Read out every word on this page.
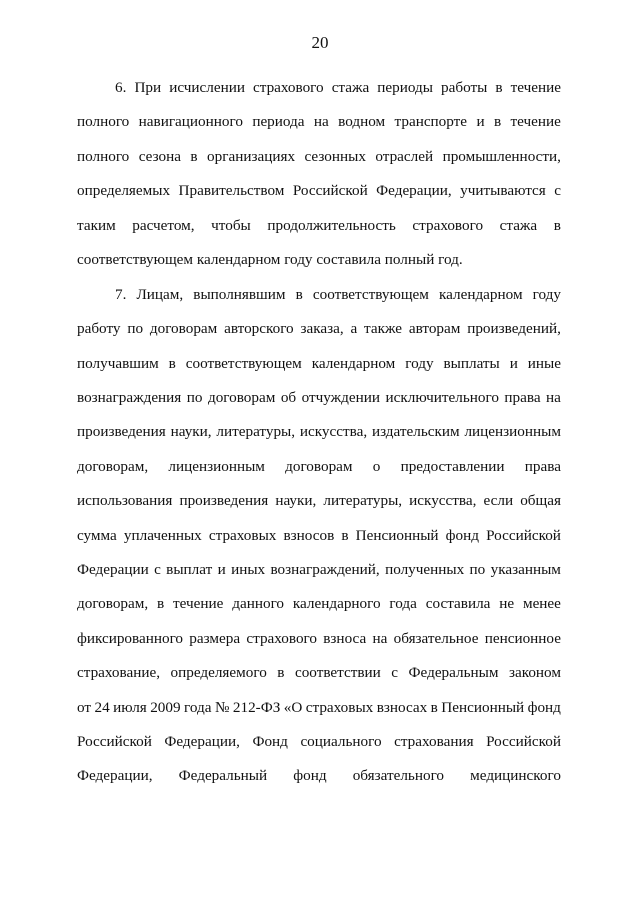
20
6. При исчислении страхового стажа периоды работы в течение
полного навигационного периода на водном транспорте и в течение
полного сезона в организациях сезонных отраслей промышленности,
определяемых Правительством Российской Федерации, учитываются с
таким расчетом, чтобы продолжительность страхового стажа в
соответствующем календарном году составила полный год.
7. Лицам, выполнявшим в соответствующем календарном году
работу по договорам авторского заказа, а также авторам произведений,
получавшим в соответствующем календарном году выплаты и иные
вознаграждения по договорам об отчуждении исключительного права на
произведения науки, литературы, искусства, издательским лицензионным
договорам, лицензионным договорам о предоставлении права
использования произведения науки, литературы, искусства, если общая
сумма уплаченных страховых взносов в Пенсионный фонд Российской
Федерации с выплат и иных вознаграждений, полученных по указанным
договорам, в течение данного календарного года составила не менее
фиксированного размера страхового взноса на обязательное пенсионное
страхование, определяемого в соответствии с Федеральным законом
от 24 июля 2009 года № 212-ФЗ «О страховых взносах в Пенсионный фонд
Российской Федерации, Фонд социального страхования Российской
Федерации, Федеральный фонд обязательного медицинского
